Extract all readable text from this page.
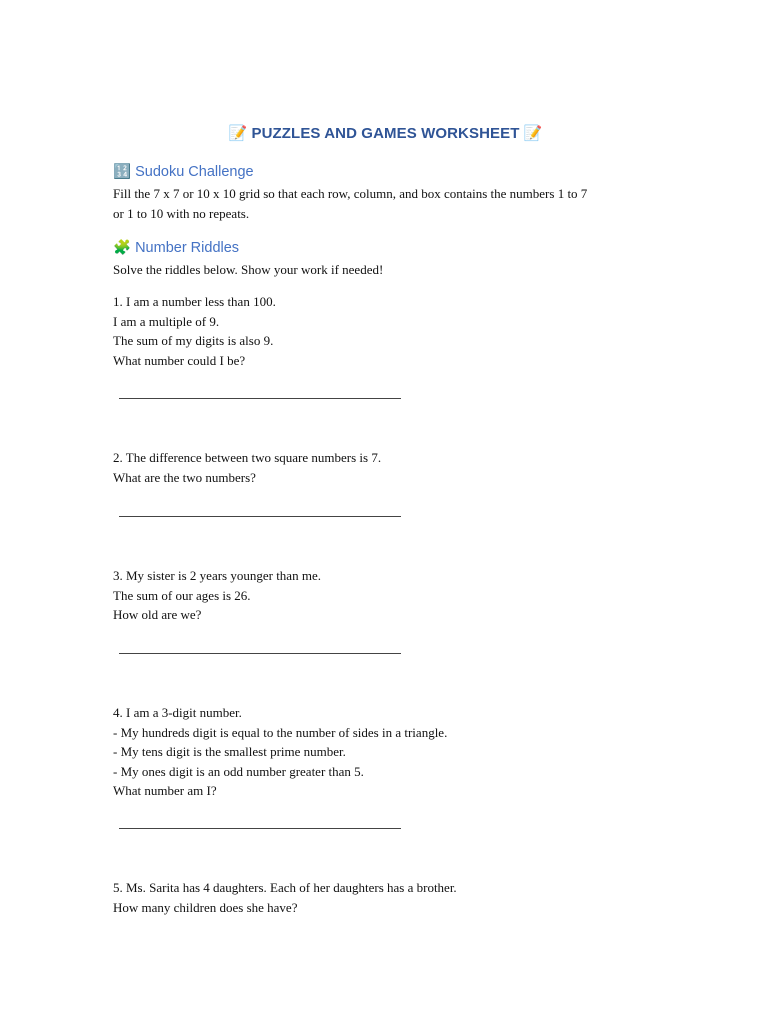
📝 PUZZLES AND GAMES WORKSHEET 📝
🔢 Sudoku Challenge
Fill the 7 x 7 or 10 x 10 grid so that each row, column, and box contains the numbers 1 to 7
or 1 to 10 with no repeats.
🧩 Number Riddles
Solve the riddles below. Show your work if needed!
1. I am a number less than 100.
I am a multiple of 9.
The sum of my digits is also 9.
What number could I be?
2. The difference between two square numbers is 7.
What are the two numbers?
3. My sister is 2 years younger than me.
The sum of our ages is 26.
How old are we?
4. I am a 3-digit number.
- My hundreds digit is equal to the number of sides in a triangle.
- My tens digit is the smallest prime number.
- My ones digit is an odd number greater than 5.
What number am I?
5. Ms. Sarita has 4 daughters. Each of her daughters has a brother.
How many children does she have?
